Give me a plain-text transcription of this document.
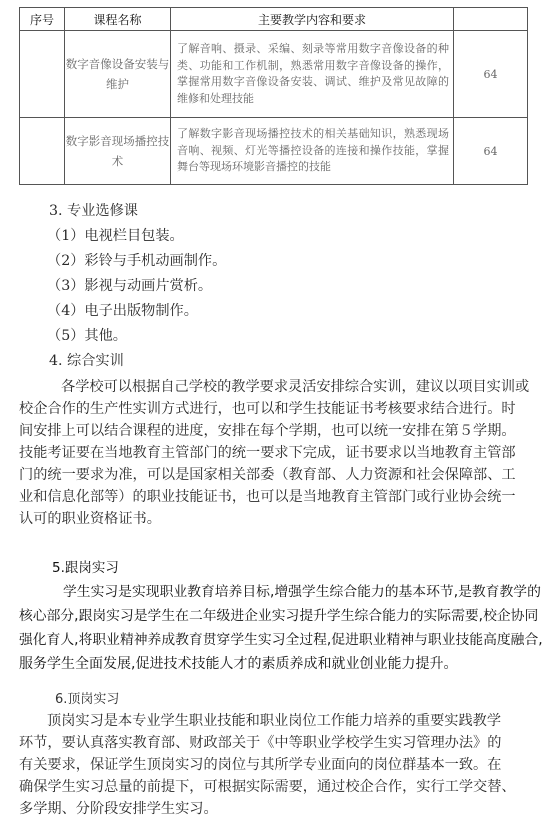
序号	课程名称	主要教学内容和要求	
	数字音像设备安装与维护	了解音响、摄录、采编、刻录等常用数字音像设备的种类、功能和工作机制，熟悉常用数字音像设备的操作，掌握常用数字音像设备安装、调试、维护及常见故障的维修和处理技能	64
	数字影音现场播控技术	了解数字影音现场播控技术的相关基础知识，熟悉现场音响、视频、灯光等播控设备的连接和操作技能，掌握舞台等现场环境影音播控的技能	64
3. 专业选修课
（1）电视栏目包装。
（2）彩铃与手机动画制作。
（3）影视与动画片赏析。
（4）电子出版物制作。
（5）其他。
4. 综合实训
各学校可以根据自己学校的教学要求灵活安排综合实训，建议以项目实训或
校企合作的生产性实训方式进行，也可以和学生技能证书考核要求结合进行。时
间安排上可以结合课程的进度，安排在每个学期，也可以统一安排在第５学期。
技能考证要在当地教育主管部门的统一要求下完成，证书要求以当地教育主管部
门的统一要求为准，可以是国家相关部委（教育部、人力资源和社会保障部、工
业和信息化部等）的职业技能证书，也可以是当地教育主管部门或行业协会统一
认可的职业资格证书。
5.跟岗实习
学生实习是实现职业教育培养目标,增强学生综合能力的基本环节,是教育教学的
核心部分,跟岗实习是学生在二年级进企业实习提升学生综合能力的实际需要,校企协同
强化育人,将职业精神养成教育贯穿学生实习全过程,促进职业精神与职业技能高度融合,
服务学生全面发展,促进技术技能人才的素质养成和就业创业能力提升。
6.顶岗实习
顶岗实习是本专业学生职业技能和职业岗位工作能力培养的重要实践教学
环节，要认真落实教育部、财政部关于《中等职业学校学生实习管理办法》的
有关要求，保证学生顶岗实习的岗位与其所学专业面向的岗位群基本一致。在
确保学生实习总量的前提下，可根据实际需要，通过校企合作，实行工学交替、
多学期、分阶段安排学生实习。
